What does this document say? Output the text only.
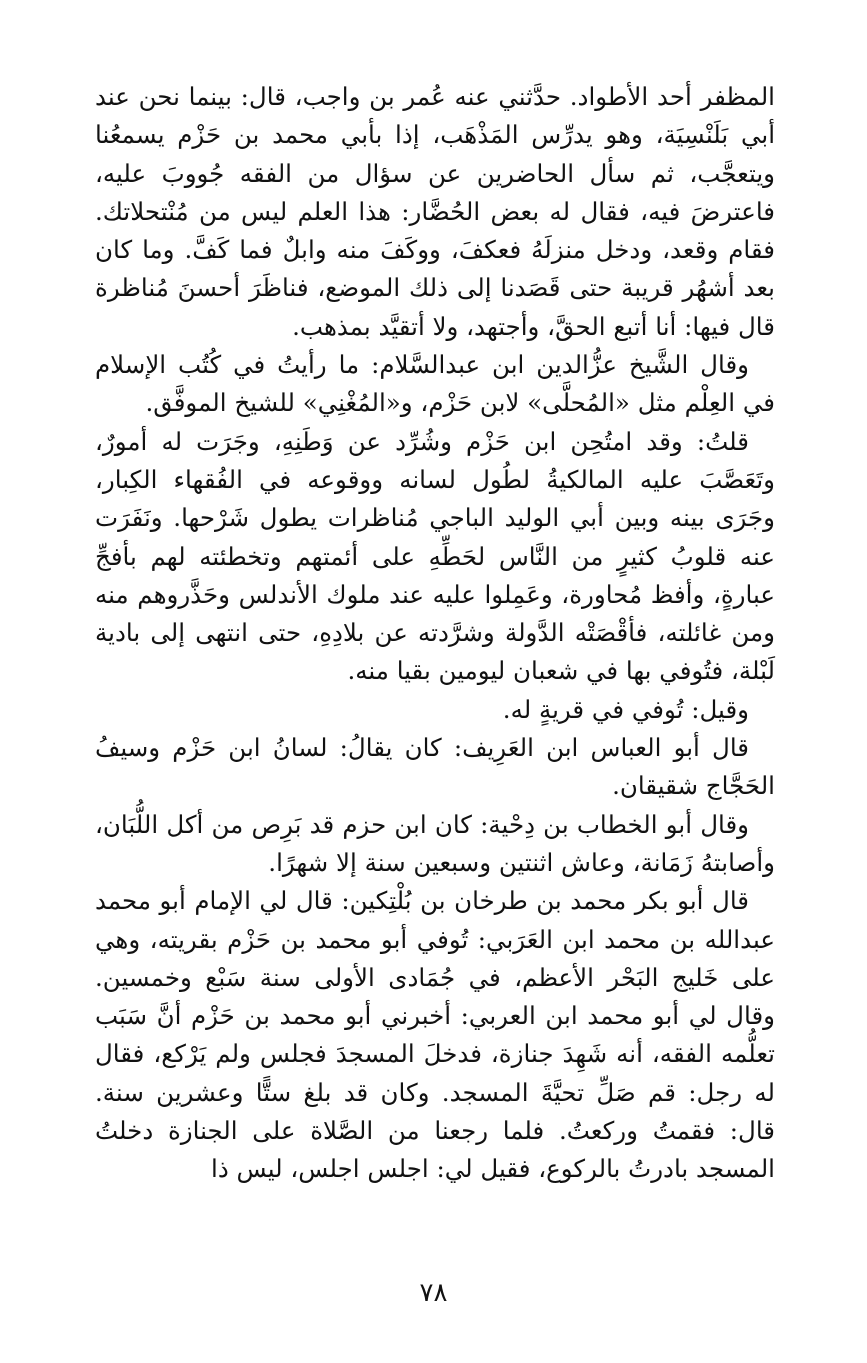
المظفر أحد الأطواد. حدَّثني عنه عُمر بن واجب، قال: بينما نحن عند أبي بَلَنْسِيَة، وهو يدرِّس المَذْهَب، إذا بأبي محمد بن حَزْم يسمعُنا ويتعجَّب، ثم سأل الحاضرين عن سؤال من الفقه جُووبَ عليه، فاعترضَ فيه، فقال له بعض الحُضَّار: هذا العلم ليس من مُنْتحلاتك. فقام وقعد، ودخل منزلَهُ فعكفَ، ووكَفَ منه وابلٌ فما كَفَّ. وما كان بعد أشهُر قريبة حتى قَصَدنا إلى ذلك الموضع، فناظَرَ أحسنَ مُناظرة قال فيها: أنا أتبع الحقَّ، وأجتهد، ولا أتقيَّد بمذهب.

وقال الشَّيخ عزُّالدين ابن عبدالسَّلام: ما رأيتُ في كُتُب الإسلام في العِلْم مثل «المُحلَّى» لابن حَزْم، و«المُغْنِي» للشيخ الموفَّق.

قلتُ: وقد امتُحِن ابن حَزْم وشُرِّد عن وَطَنِهِ، وجَرَت له أمورٌ، وتَعَصَّبَ عليه المالكيةُ لطُول لسانه ووقوعه في الفُقهاء الكِبار، وجَرَى بينه وبين أبي الوليد الباجي مُناظرات يطول شَرْحها. ونَفَرَت عنه قلوبُ كثيرٍ من النَّاس لحَطِّهِ على أئمتهم وتخطئته لهم بأفجِّ عبارةٍ، وأفظ مُحاورة، وعَمِلوا عليه عند ملوك الأندلس وحَذَّروهم منه ومن غائلته، فأقْصَتْه الدَّولة وشرَّدته عن بلادِهِ، حتى انتهى إلى بادية لَبْلة، فتُوفي بها في شعبان ليومين بقيا منه.

وقيل: تُوفي في قريةٍ له.

قال أبو العباس ابن العَرِيف: كان يقالُ: لسانُ ابن حَزْم وسيفُ الحَجَّاج شقيقان.

وقال أبو الخطاب بن دِحْية: كان ابن حزم قد بَرِص من أكل اللُّبَان، وأصابتهُ زَمَانة، وعاش اثنتين وسبعين سنة إلا شهرًا.

قال أبو بكر محمد بن طرخان بن بُلْتِكين: قال لي الإمام أبو محمد عبدالله بن محمد ابن العَرَبي: تُوفي أبو محمد بن حَزْم بقريته، وهي على خَليج البَحْر الأعظم، في جُمَادى الأولى سنة سَبْع وخمسين. وقال لي أبو محمد ابن العربي: أخبرني أبو محمد بن حَزْم أنَّ سَبَب تعلُّمه الفقه، أنه شَهِدَ جنازة، فدخلَ المسجدَ فجلس ولم يَرْكع، فقال له رجل: قم صَلِّ تحيَّةَ المسجد. وكان قد بلغ ستًّا وعشرين سنة. قال: فقمتُ وركعتُ. فلما رجعنا من الصَّلاة على الجنازة دخلتُ المسجد بادرتُ بالركوع، فقيل لي: اجلس اجلس، ليس ذا

٧٨
